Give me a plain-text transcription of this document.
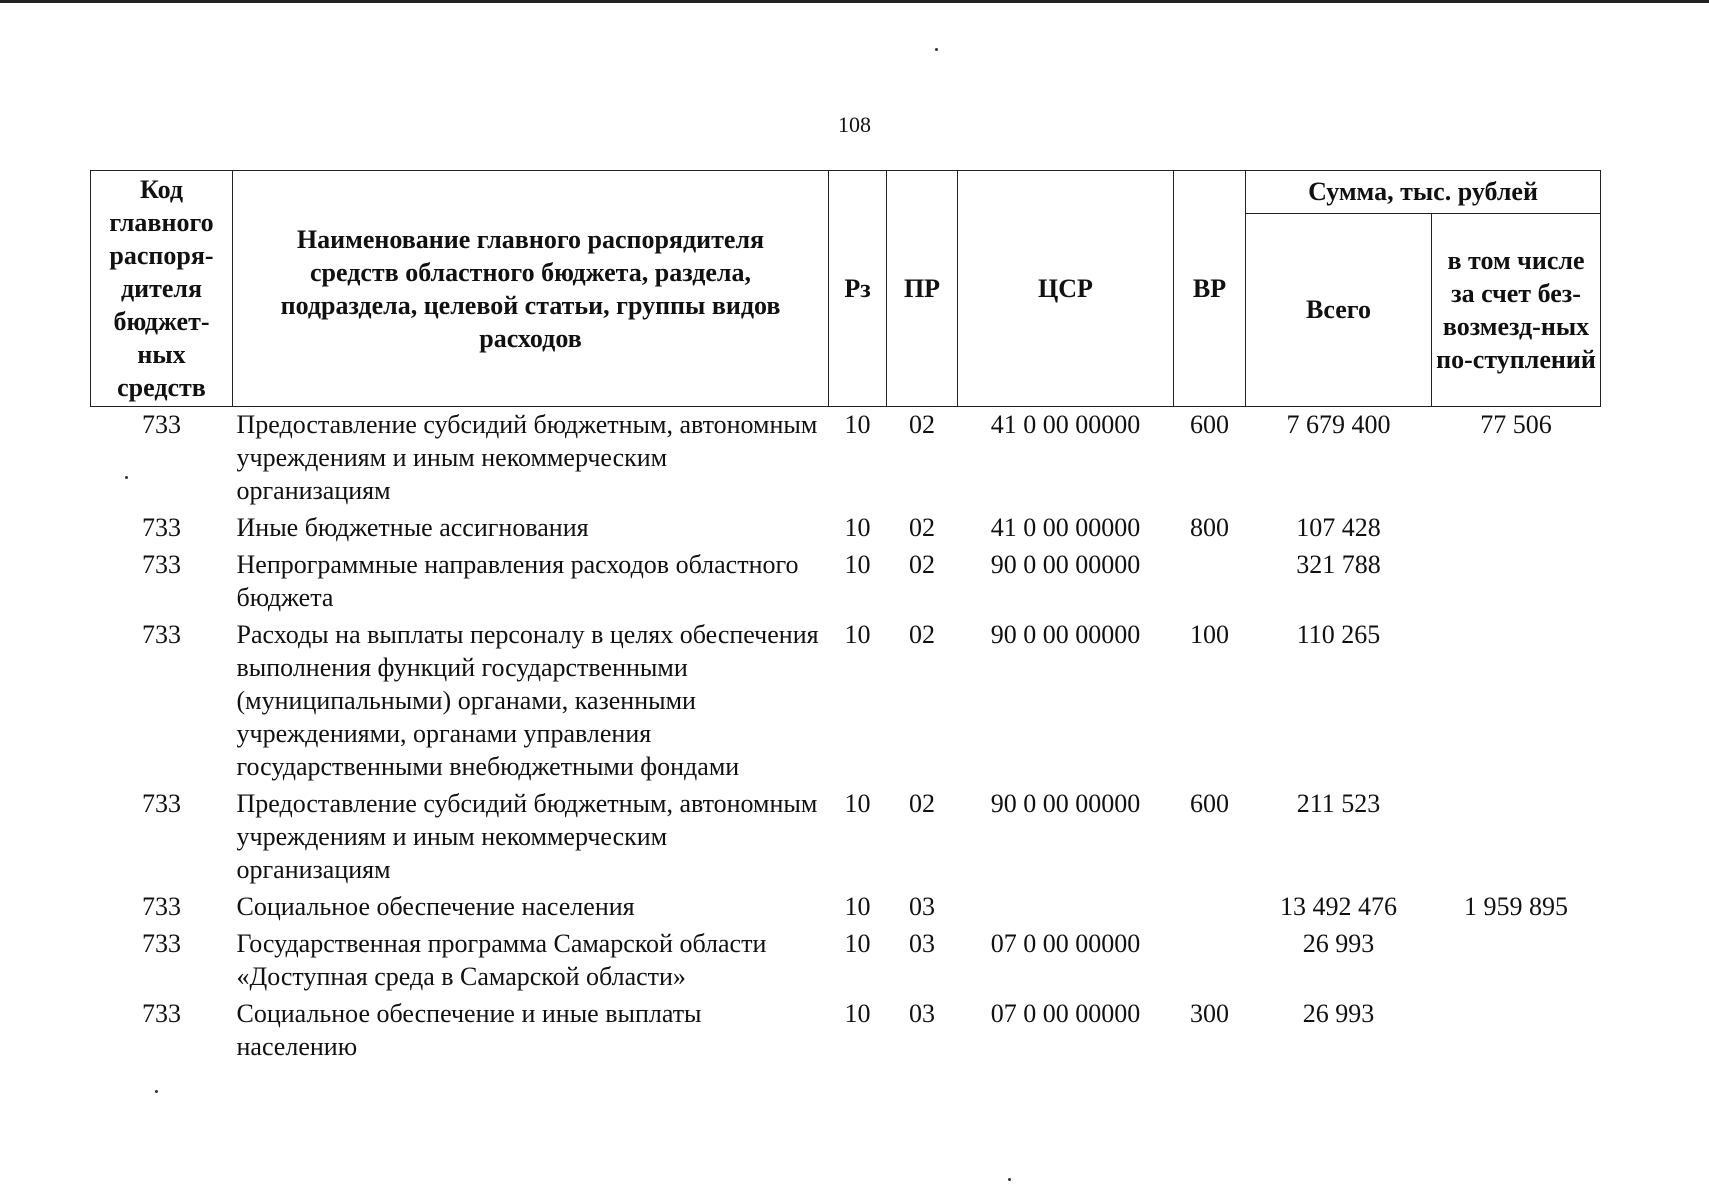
108
Код главного распоря-дителя бюджет-ных средств	Наименование главного распорядителя средств областного бюджета, раздела, подраздела, целевой статьи, группы видов расходов	Рз	ПР	ЦСР	ВР	Сумма, тыс. рублей	
						Всего	в том числе за счет без-возмезд-ных по-ступлений
733	Предоставление субсидий бюджетным, автономным учреждениям и иным некоммерческим организациям	10	02	41 0 00 00000	600	7 679 400	77 506
733	Иные бюджетные ассигнования	10	02	41 0 00 00000	800	107 428	
733	Непрограммные направления расходов областного бюджета	10	02	90 0 00 00000		321 788	
733	Расходы на выплаты персоналу в целях обеспечения выполнения функций государственными (муниципальными) органами, казенными учреждениями, органами управления государственными внебюджетными фондами	10	02	90 0 00 00000	100	110 265	
733	Предоставление субсидий бюджетным, автономным учреждениям и иным некоммерческим организациям	10	02	90 0 00 00000	600	211 523	
733	Социальное обеспечение населения	10	03			13 492 476	1 959 895
733	Государственная программа Самарской области «Доступная среда в Самарской области»	10	03	07 0 00 00000		26 993	
733	Социальное обеспечение и иные выплаты населению	10	03	07 0 00 00000	300	26 993	
